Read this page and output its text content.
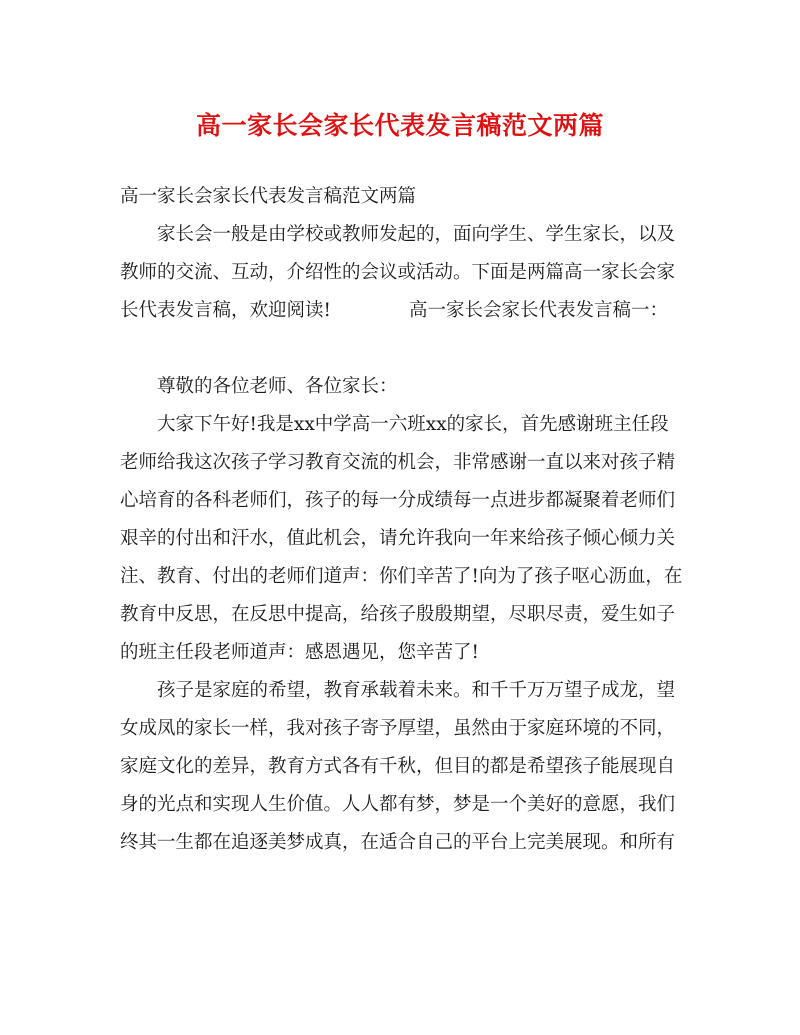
高一家长会家长代表发言稿范文两篇
高一家长会家长代表发言稿范文两篇
家长会一般是由学校或教师发起的，面向学生、学生家长，以及
教师的交流、互动，介绍性的会议或活动。下面是两篇高一家长会家
长代表发言稿，欢迎阅读!	高一家长会家长代表发言稿一：
尊敬的各位老师、各位家长：
大家下午好!我是xx中学高一六班xx的家长，首先感谢班主任段
老师给我这次孩子学习教育交流的机会，非常感谢一直以来对孩子精
心培育的各科老师们，孩子的每一分成绩每一点进步都凝聚着老师们
艰辛的付出和汗水，值此机会，请允许我向一年来给孩子倾心倾力关
注、教育、付出的老师们道声：你们辛苦了!向为了孩子呕心沥血，在
教育中反思，在反思中提高，给孩子殷殷期望，尽职尽责，爱生如子
的班主任段老师道声：感恩遇见，您辛苦了!
孩子是家庭的希望，教育承载着未来。和千千万万望子成龙，望
女成凤的家长一样，我对孩子寄予厚望，虽然由于家庭环境的不同，
家庭文化的差异，教育方式各有千秋，但目的都是希望孩子能展现自
身的光点和实现人生价值。人人都有梦，梦是一个美好的意愿，我们
终其一生都在追逐美梦成真，在适合自己的平台上完美展现。和所有
